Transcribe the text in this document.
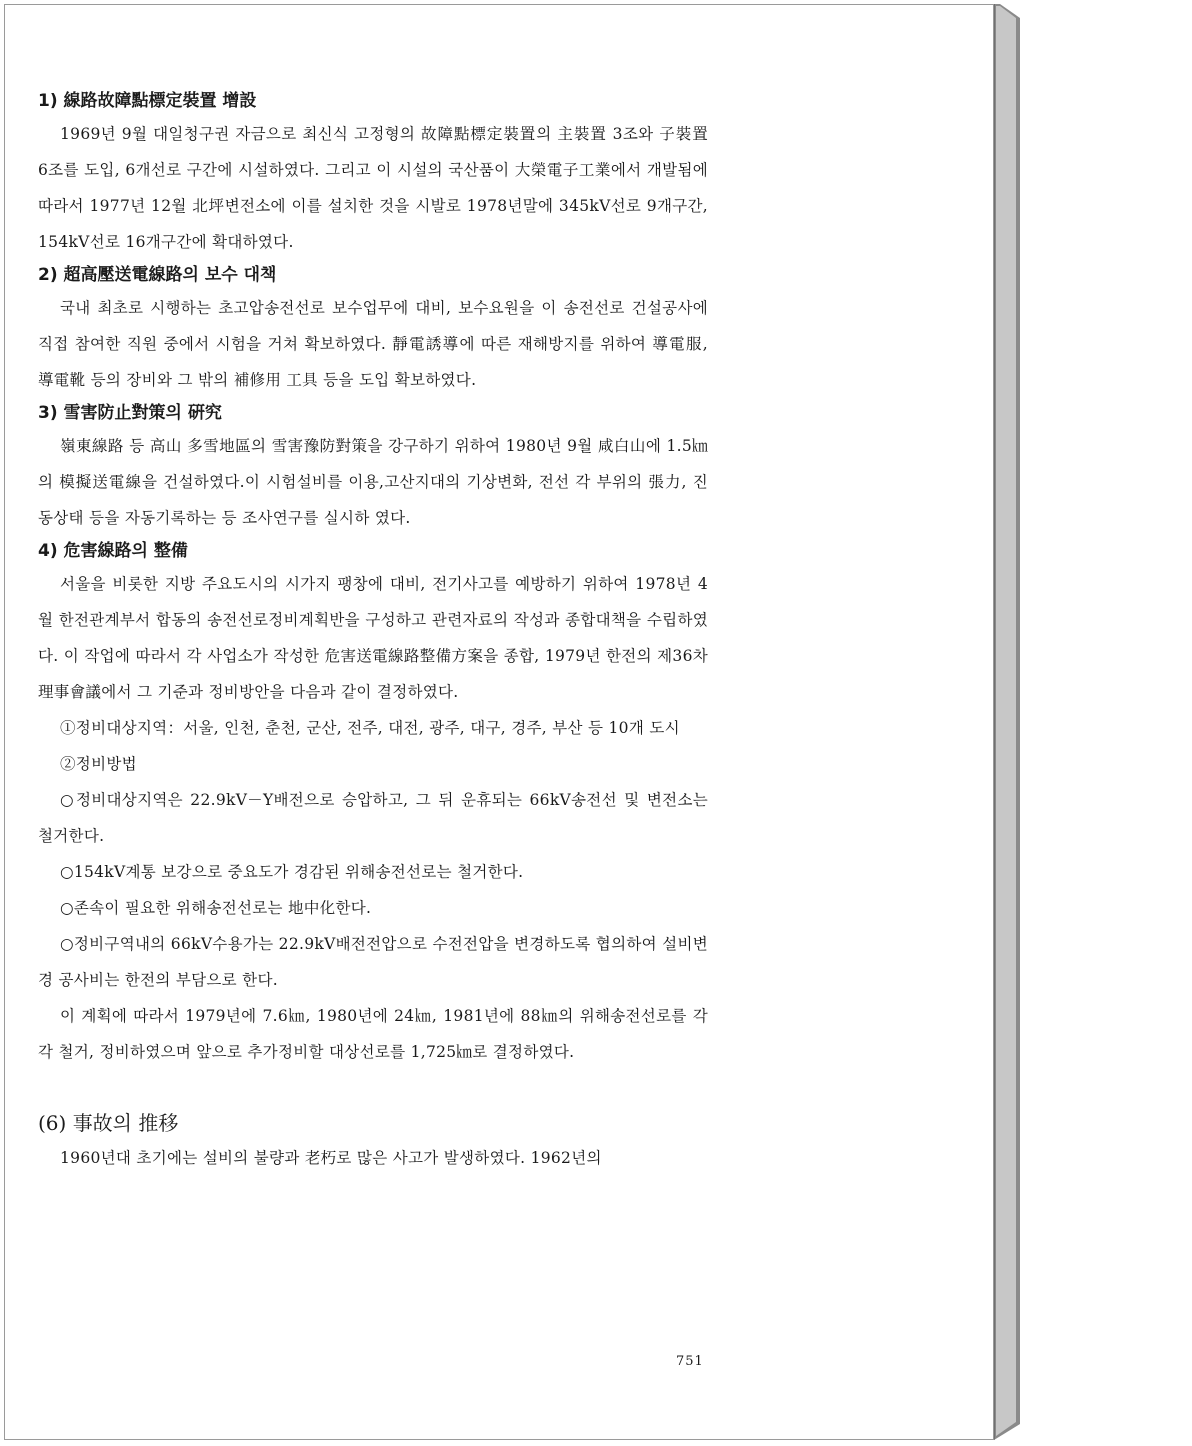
1) 線路故障點標定裝置 增設

1969년 9월 대일청구권 자금으로 최신식 고정형의 故障點標定裝置의 主裝置 3조와 子裝置 6조를 도입, 6개선로 구간에 시설하였다. 그리고 이 시설의 국산품이 大榮電子工業에서 개발됨에 따라서 1977년 12월 北坪변전소에 이를 설치한 것을 시발로 1978년말에 345kV선로 9개구간, 154kV선로 16개구간에 확대하였다.

2) 超高壓送電線路의 보수 대책

국내 최초로 시행하는 초고압송전선로 보수업무에 대비, 보수요원을 이 송전선로 건설공사에 직접 참여한 직원 중에서 시험을 거쳐 확보하였다. 靜電誘導에 따른 재해방지를 위하여 導電服, 導電靴 등의 장비와 그 밖의 補修用 工具 등을 도입 확보하였다.

3) 雪害防止對策의 硏究

嶺東線路 등 高山 多雪地區의 雪害豫防對策을 강구하기 위하여 1980년 9월 咸白山에 1.5㎞의 模擬送電線을 건설하였다.이 시험설비를 이용,고산지대의 기상변화, 전선 각 부위의 張力, 진동상태 등을 자동기록하는 등 조사연구를 실시하 였다.

4) 危害線路의 整備

서울을 비롯한 지방 주요도시의 시가지 팽창에 대비, 전기사고를 예방하기 위하여 1978년 4월 한전관계부서 합동의 송전선로정비계획반을 구성하고 관련자료의 작성과 종합대책을 수립하였다. 이 작업에 따라서 각 사업소가 작성한 危害送電線路整備方案을 종합, 1979년 한전의 제36차 理事會議에서 그 기준과 정비방안을 다음과 같이 결정하였다.

①정비대상지역：서울, 인천, 춘천, 군산, 전주, 대전, 광주, 대구, 경주, 부산 등 10개 도시

②정비방법

○정비대상지역은 22.9kV－Y배전으로 승압하고, 그 뒤 운휴되는 66kV송전선 및 변전소는 철거한다.

○154kV계통 보강으로 중요도가 경감된 위해송전선로는 철거한다.

○존속이 필요한 위해송전선로는 地中化한다.

○정비구역내의 66kV수용가는 22.9kV배전전압으로 수전전압을 변경하도록 협의하여 설비변경 공사비는 한전의 부담으로 한다.

이 계획에 따라서 1979년에 7.6㎞, 1980년에 24㎞, 1981년에 88㎞의 위해송전선로를 각각 철거, 정비하였으며 앞으로 추가정비할 대상선로를 1,725㎞로 결정하였다.

(6) 事故의 推移

1960년대 초기에는 설비의 불량과 老朽로 많은 사고가 발생하였다. 1962년의

751
